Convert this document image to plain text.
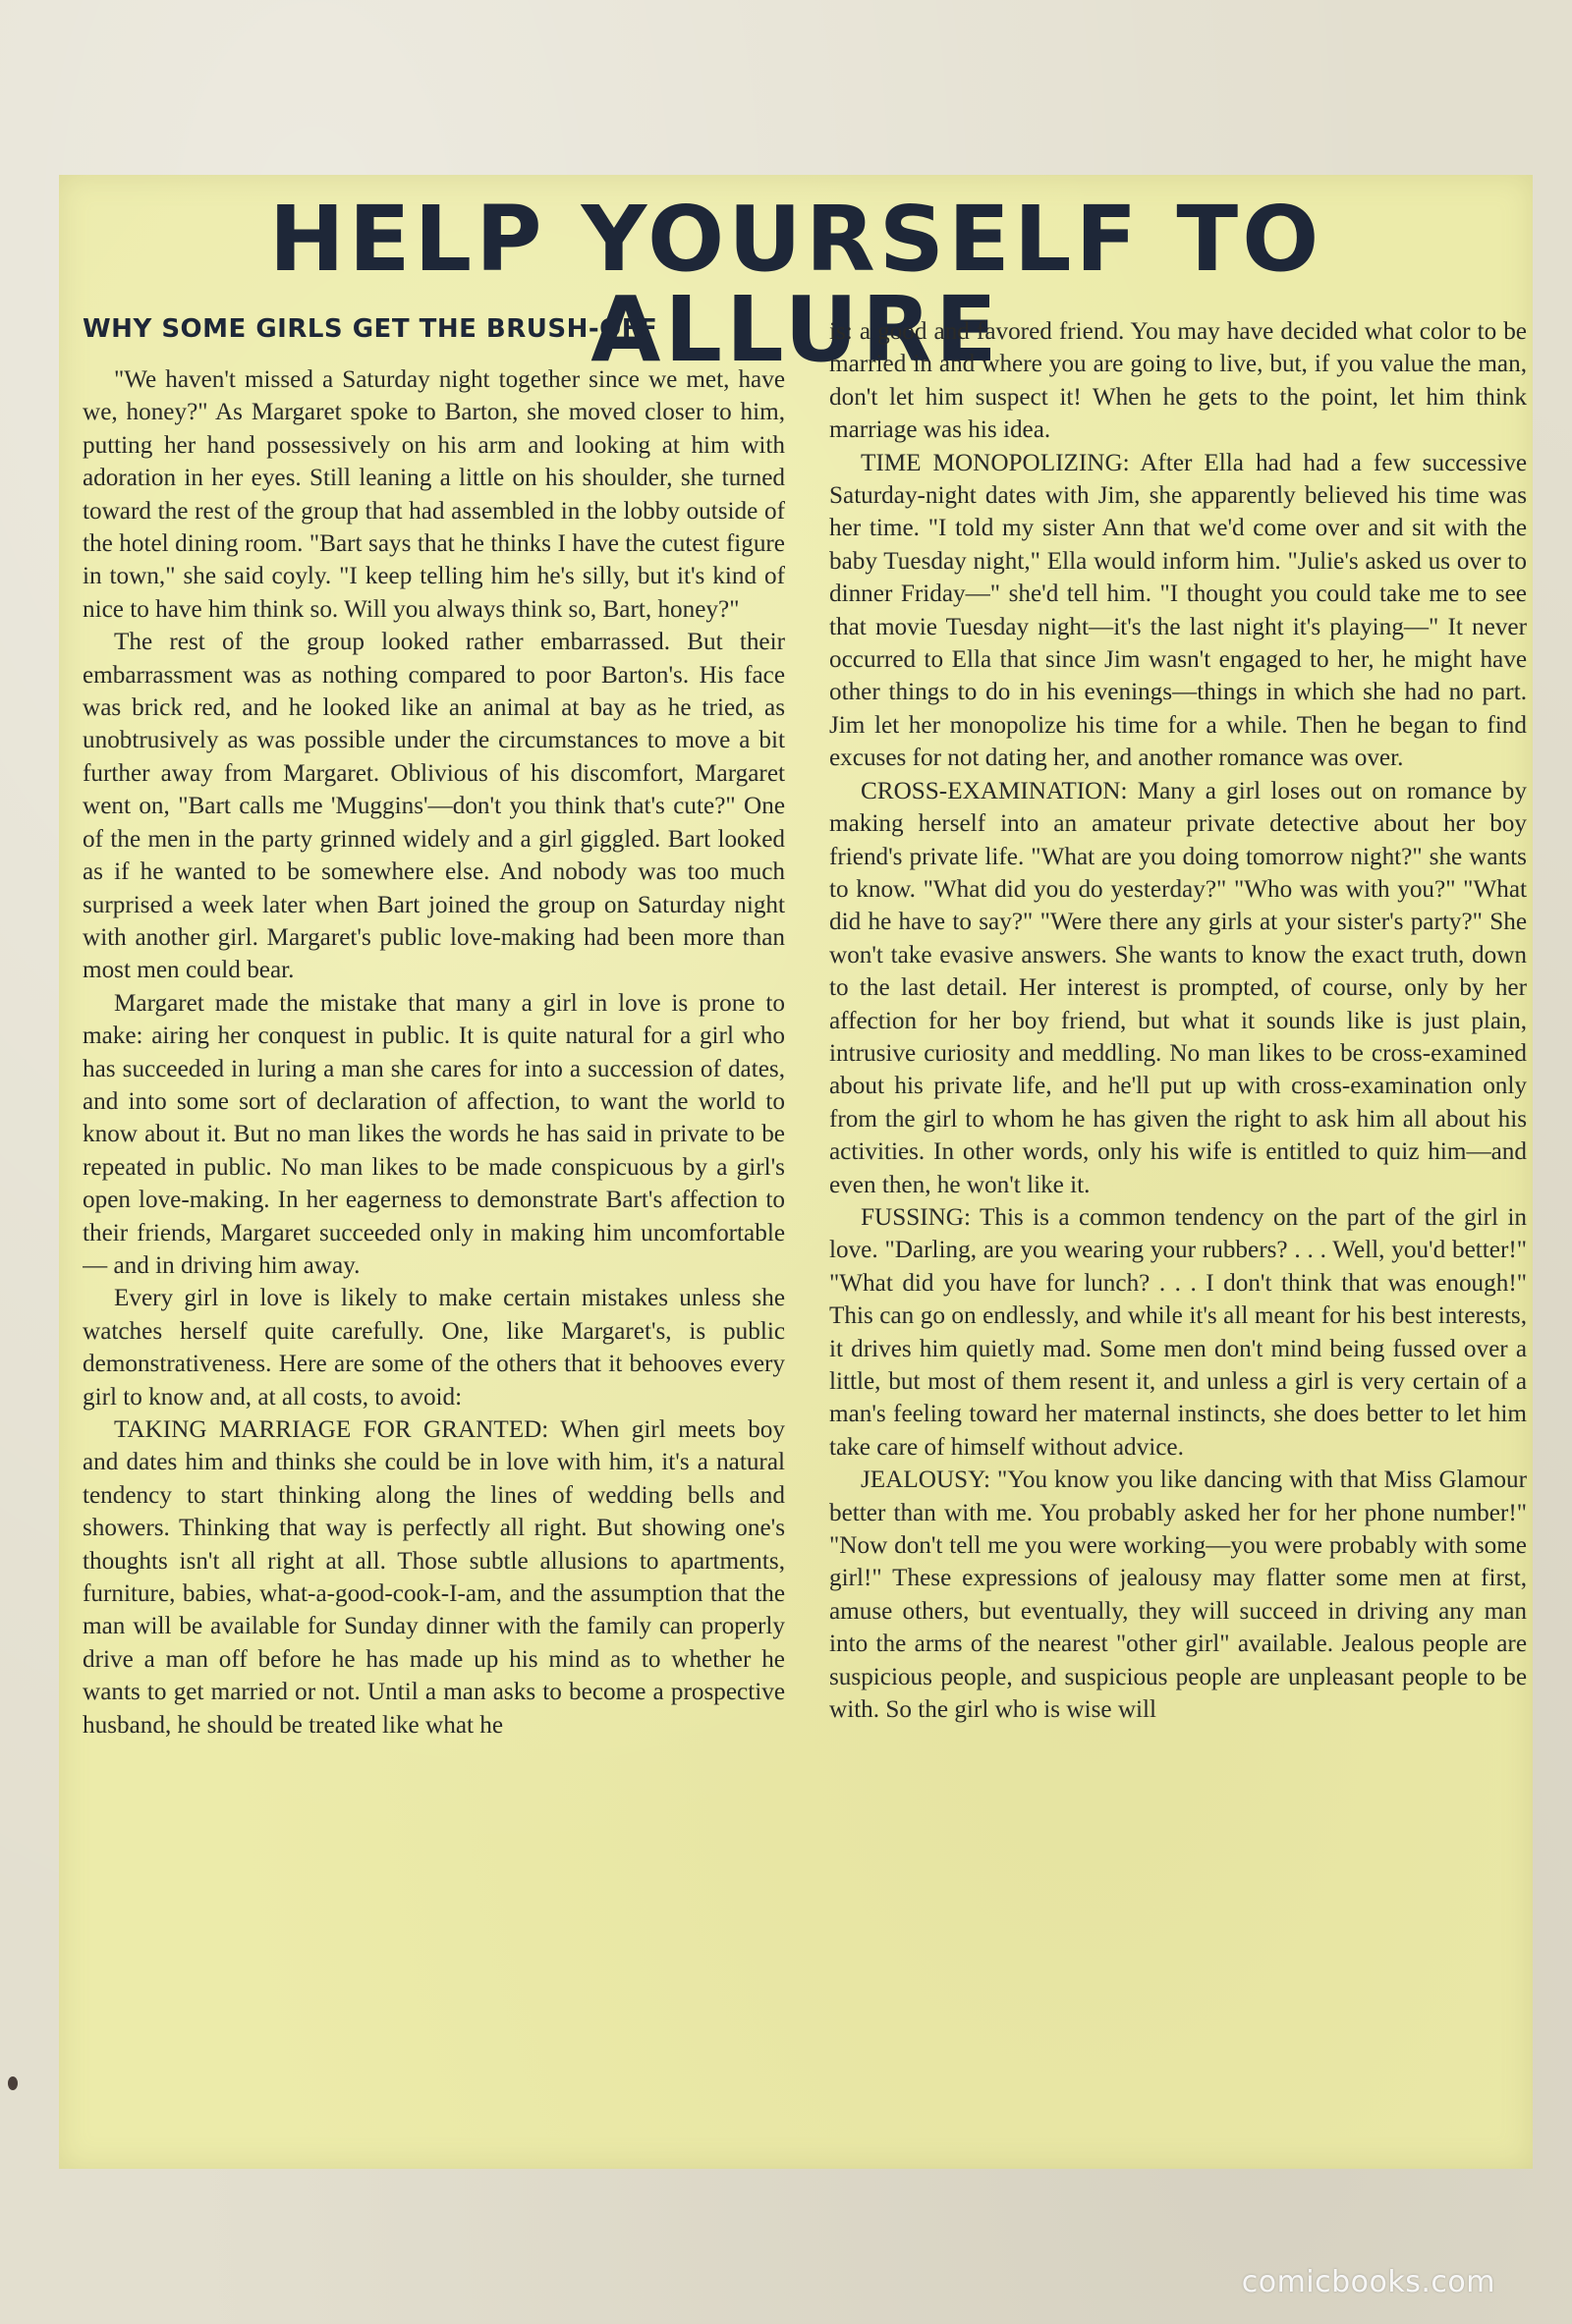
HELP YOURSELF TO ALLURE
WHY SOME GIRLS GET THE BRUSH-OFF

"We haven't missed a Saturday night together since we met, have we, honey?" As Margaret spoke to Barton, she moved closer to him, putting her hand possessively on his arm and looking at him with adoration in her eyes. Still leaning a little on his shoulder, she turned toward the rest of the group that had assembled in the lobby outside of the hotel dining room. "Bart says that he thinks I have the cutest figure in town," she said coyly. "I keep telling him he's silly, but it's kind of nice to have him think so. Will you always think so, Bart, honey?"

The rest of the group looked rather embarrassed. But their embarrassment was as nothing compared to poor Barton's. His face was brick red, and he looked like an animal at bay as he tried, as unobtrusively as was possible under the circumstances to move a bit further away from Margaret. Oblivious of his discomfort, Margaret went on, "Bart calls me 'Muggins'—don't you think that's cute?" One of the men in the party grinned widely and a girl giggled. Bart looked as if he wanted to be somewhere else. And nobody was too much surprised a week later when Bart joined the group on Saturday night with another girl. Margaret's public love-making had been more than most men could bear.

Margaret made the mistake that many a girl in love is prone to make: airing her conquest in public. It is quite natural for a girl who has succeeded in luring a man she cares for into a succession of dates, and into some sort of declaration of affection, to want the world to know about it. But no man likes the words he has said in private to be repeated in public. No man likes to be made conspicuous by a girl's open love-making. In her eagerness to demonstrate Bart's affection to their friends, Margaret succeeded only in making him uncomfortable — and in driving him away.

Every girl in love is likely to make certain mistakes unless she watches herself quite carefully. One, like Margaret's, is public demonstrativeness. Here are some of the others that it behooves every girl to know and, at all costs, to avoid:

TAKING MARRIAGE FOR GRANTED: When girl meets boy and dates him and thinks she could be in love with him, it's a natural tendency to start thinking along the lines of wedding bells and showers. Thinking that way is perfectly all right. But showing one's thoughts isn't all right at all. Those subtle allusions to apartments, furniture, babies, what-a-good-cook-I-am, and the assumption that the man will be available for Sunday dinner with the family can properly drive a man off before he has made up his mind as to whether he wants to get married or not. Until a man asks to become a prospective husband, he should be treated like what he

is: a good and favored friend. You may have decided what color to be married in and where you are going to live, but, if you value the man, don't let him suspect it! When he gets to the point, let him think marriage was his idea.

TIME MONOPOLIZING: After Ella had had a few successive Saturday-night dates with Jim, she apparently believed his time was her time. "I told my sister Ann that we'd come over and sit with the baby Tuesday night," Ella would inform him. "Julie's asked us over to dinner Friday—" she'd tell him. "I thought you could take me to see that movie Tuesday night—it's the last night it's playing—" It never occurred to Ella that since Jim wasn't engaged to her, he might have other things to do in his evenings—things in which she had no part. Jim let her monopolize his time for a while. Then he began to find excuses for not dating her, and another romance was over.

CROSS-EXAMINATION: Many a girl loses out on romance by making herself into an amateur private detective about her boy friend's private life. "What are you doing tomorrow night?" she wants to know. "What did you do yesterday?" "Who was with you?" "What did he have to say?" "Were there any girls at your sister's party?" She won't take evasive answers. She wants to know the exact truth, down to the last detail. Her interest is prompted, of course, only by her affection for her boy friend, but what it sounds like is just plain, intrusive curiosity and meddling. No man likes to be cross-examined about his private life, and he'll put up with cross-examination only from the girl to whom he has given the right to ask him all about his activities. In other words, only his wife is entitled to quiz him—and even then, he won't like it.

FUSSING: This is a common tendency on the part of the girl in love. "Darling, are you wearing your rubbers? . . . Well, you'd better!" "What did you have for lunch? . . . I don't think that was enough!" This can go on endlessly, and while it's all meant for his best interests, it drives him quietly mad. Some men don't mind being fussed over a little, but most of them resent it, and unless a girl is very certain of a man's feeling toward her maternal instincts, she does better to let him take care of himself without advice.

JEALOUSY: "You know you like dancing with that Miss Glamour better than with me. You probably asked her for her phone number!" "Now don't tell me you were working—you were probably with some girl!" These expressions of jealousy may flatter some men at first, amuse others, but eventually, they will succeed in driving any man into the arms of the nearest "other girl" available. Jealous people are suspicious people, and suspicious people are unpleasant people to be with. So the girl who is wise will

comicbooks.com
